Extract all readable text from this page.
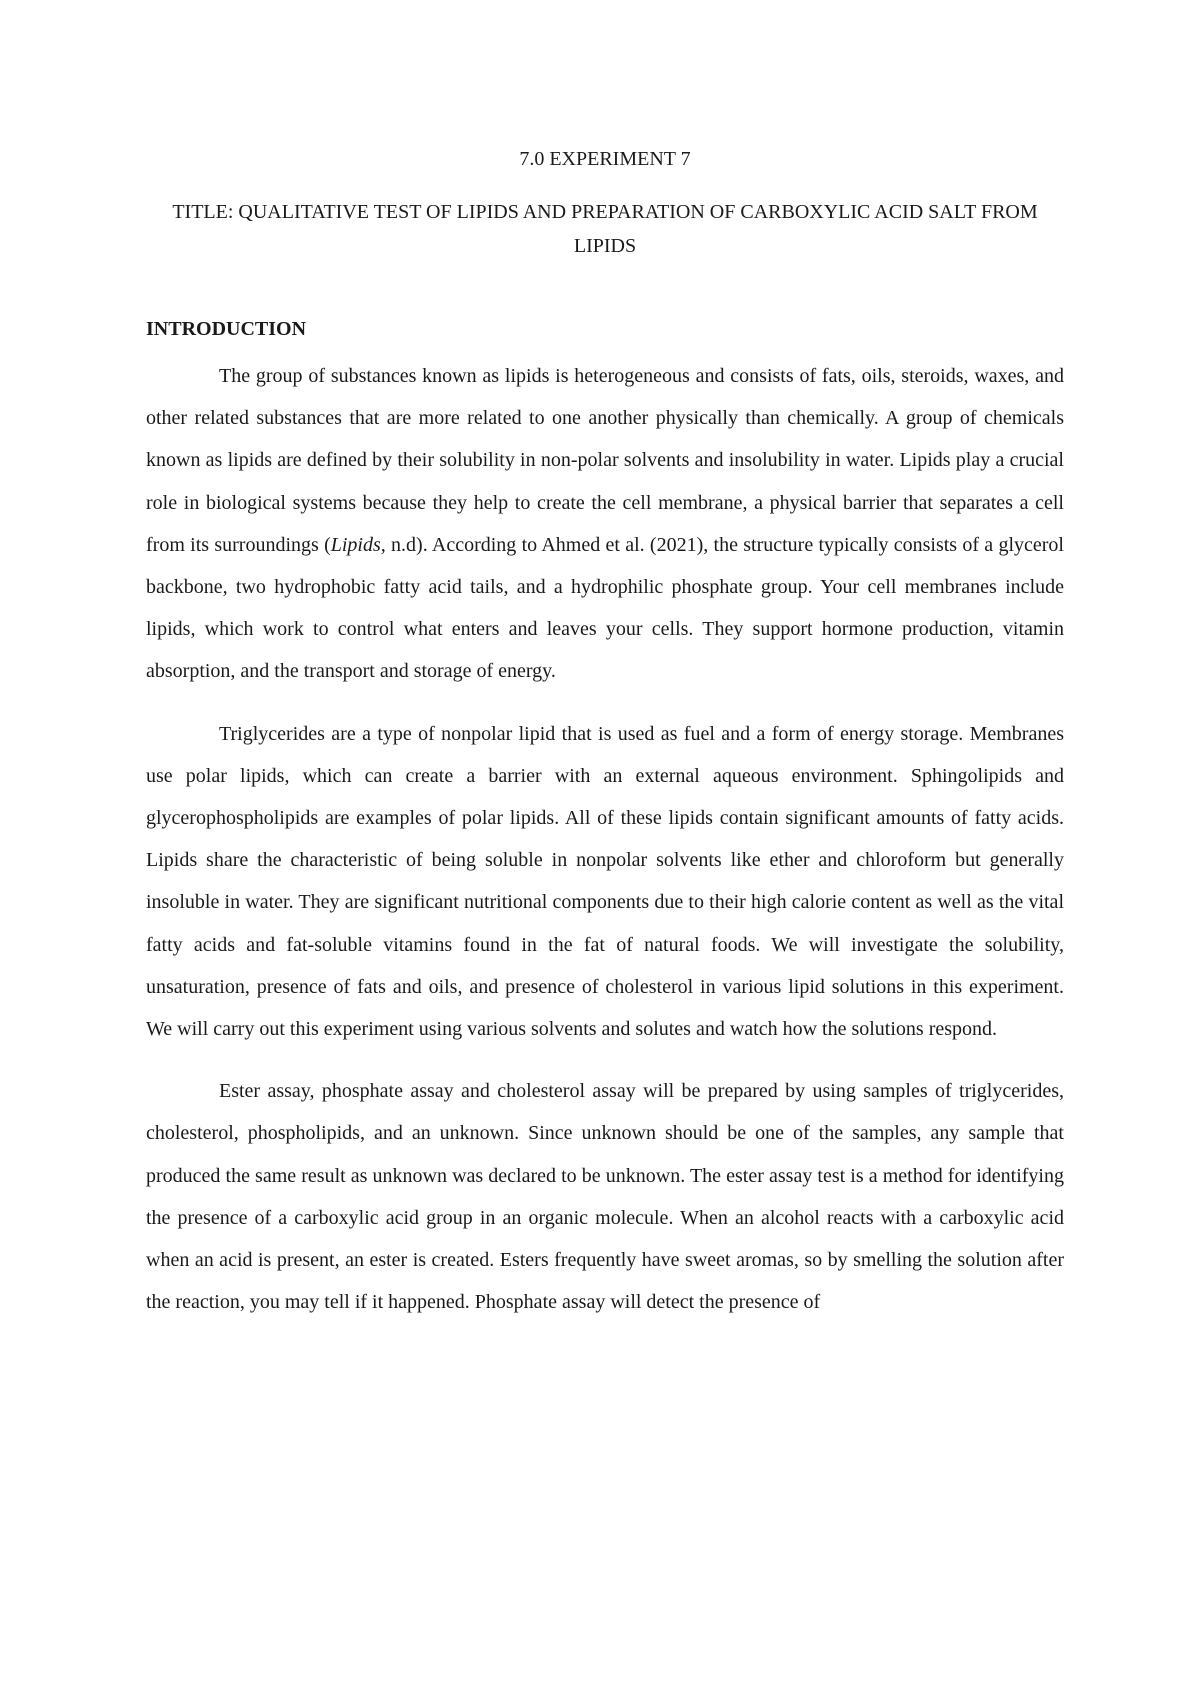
7.0 EXPERIMENT 7
TITLE: QUALITATIVE TEST OF LIPIDS AND PREPARATION OF CARBOXYLIC ACID SALT FROM LIPIDS
INTRODUCTION

The group of substances known as lipids is heterogeneous and consists of fats, oils, steroids, waxes, and other related substances that are more related to one another physically than chemically. A group of chemicals known as lipids are defined by their solubility in non-polar solvents and insolubility in water. Lipids play a crucial role in biological systems because they help to create the cell membrane, a physical barrier that separates a cell from its surroundings (Lipids, n.d). According to Ahmed et al. (2021), the structure typically consists of a glycerol backbone, two hydrophobic fatty acid tails, and a hydrophilic phosphate group. Your cell membranes include lipids, which work to control what enters and leaves your cells. They support hormone production, vitamin absorption, and the transport and storage of energy.

Triglycerides are a type of nonpolar lipid that is used as fuel and a form of energy storage. Membranes use polar lipids, which can create a barrier with an external aqueous environment. Sphingolipids and glycerophospholipids are examples of polar lipids. All of these lipids contain significant amounts of fatty acids. Lipids share the characteristic of being soluble in nonpolar solvents like ether and chloroform but generally insoluble in water. They are significant nutritional components due to their high calorie content as well as the vital fatty acids and fat-soluble vitamins found in the fat of natural foods. We will investigate the solubility, unsaturation, presence of fats and oils, and presence of cholesterol in various lipid solutions in this experiment. We will carry out this experiment using various solvents and solutes and watch how the solutions respond.

Ester assay, phosphate assay and cholesterol assay will be prepared by using samples of triglycerides, cholesterol, phospholipids, and an unknown. Since unknown should be one of the samples, any sample that produced the same result as unknown was declared to be unknown. The ester assay test is a method for identifying the presence of a carboxylic acid group in an organic molecule. When an alcohol reacts with a carboxylic acid when an acid is present, an ester is created. Esters frequently have sweet aromas, so by smelling the solution after the reaction, you may tell if it happened. Phosphate assay will detect the presence of
